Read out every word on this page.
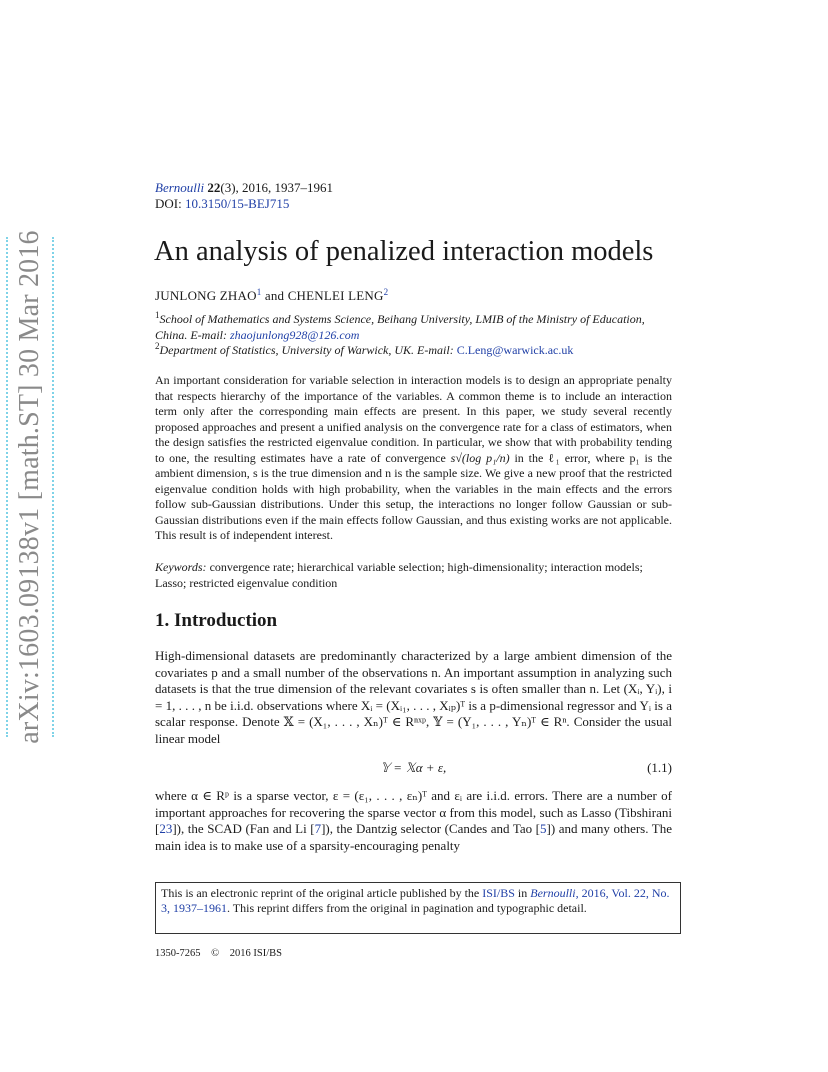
arXiv:1603.09138v1 [math.ST] 30 Mar 2016
Bernoulli 22(3), 2016, 1937–1961
DOI: 10.3150/15-BEJ715
An analysis of penalized interaction models
JUNLONG ZHAO$^1$ and CHENLEI LENG$^2$
$^1$School of Mathematics and Systems Science, Beihang University, LMIB of the Ministry of Education, China. E-mail: zhaojunlong928@126.com
$^2$Department of Statistics, University of Warwick, UK. E-mail: C.Leng@warwick.ac.uk

An important consideration for variable selection in interaction models is to design an appropriate penalty that respects hierarchy of the importance of the variables. A common theme is to include an interaction term only after the corresponding main effects are present. In this paper, we study several recently proposed approaches and present a unified analysis on the convergence rate for a class of estimators, when the design satisfies the restricted eigenvalue condition. In particular, we show that with probability tending to one, the resulting estimates have a rate of convergence s√(log p₁/n) in the ℓ₁ error, where p₁ is the ambient dimension, s is the true dimension and n is the sample size. We give a new proof that the restricted eigenvalue condition holds with high probability, when the variables in the main effects and the errors follow sub-Gaussian distributions. Under this setup, the interactions no longer follow Gaussian or sub-Gaussian distributions even if the main effects follow Gaussian, and thus existing works are not applicable. This result is of independent interest.

Keywords: convergence rate; hierarchical variable selection; high-dimensionality; interaction models; Lasso; restricted eigenvalue condition

1. Introduction

High-dimensional datasets are predominantly characterized by a large ambient dimension of the covariates p and a small number of the observations n. An important assumption in analyzing such datasets is that the true dimension of the relevant covariates s is often smaller than n. Let (Xᵢ, Yᵢ), i = 1, . . . , n be i.i.d. observations where Xᵢ = (Xᵢ₁, . . . , Xᵢₚ)ᵀ is a p-dimensional regressor and Yᵢ is a scalar response. Denote 𝕏 = (X₁, . . . , Xₙ)ᵀ ∈ Rⁿˣᵖ, 𝕐 = (Y₁, . . . , Yₙ)ᵀ ∈ Rⁿ. Consider the usual linear model

𝕐 = 𝕏α + ε,	(1.1)

where α ∈ Rᵖ is a sparse vector, ε = (ε₁, . . . , εₙ)ᵀ and εᵢ are i.i.d. errors. There are a number of important approaches for recovering the sparse vector α from this model, such as Lasso (Tibshirani [23]), the SCAD (Fan and Li [7]), the Dantzig selector (Candes and Tao [5]) and many others. The main idea is to make use of a sparsity-encouraging penalty

This is an electronic reprint of the original article published by the ISI/BS in Bernoulli, 2016, Vol. 22, No. 3, 1937–1961. This reprint differs from the original in pagination and typographic detail.
1350-7265 © 2016 ISI/BS
